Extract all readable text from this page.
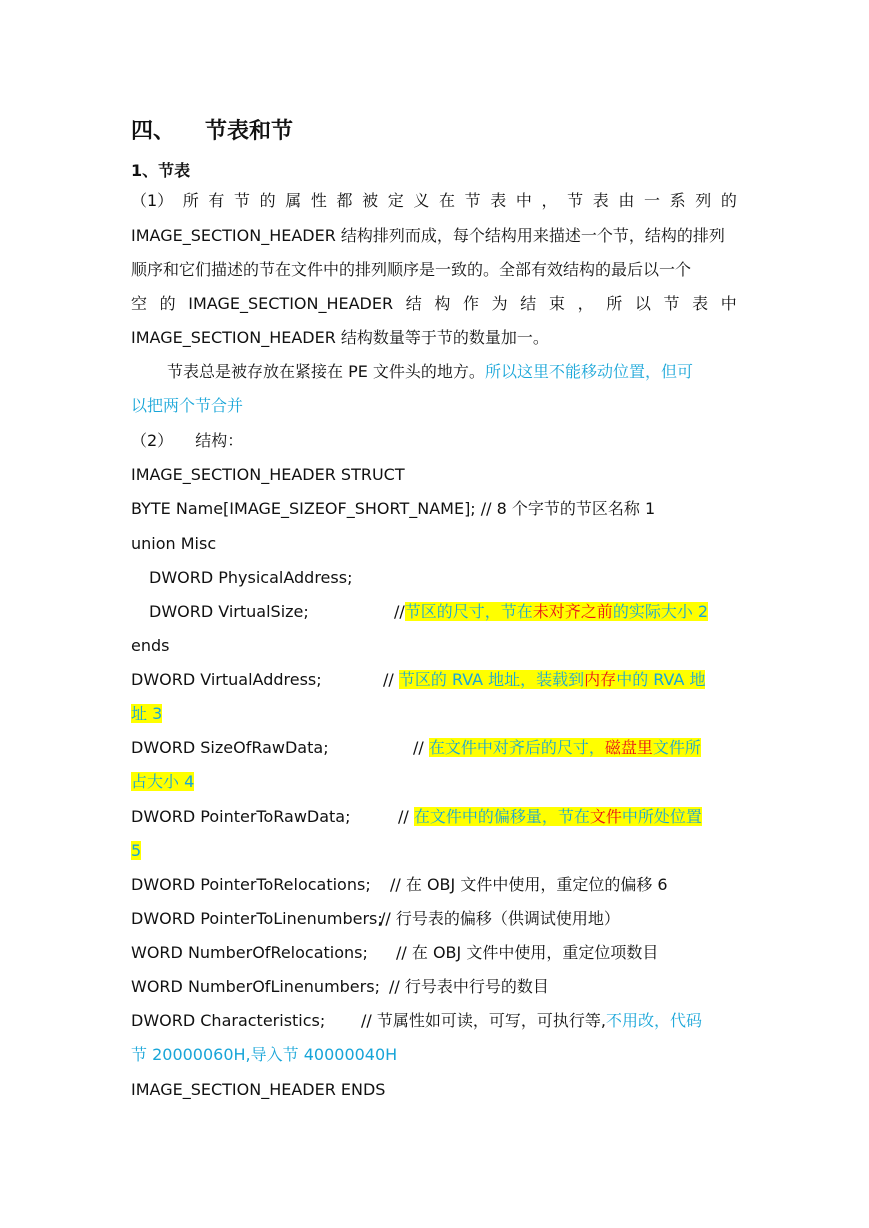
四、 节表和节
1、节表
（1） 所 有 节 的 属 性 都 被 定 义 在 节 表 中 ， 节 表 由 一 系 列 的
IMAGE_SECTION_HEADER 结构排列而成，每个结构用来描述一个节，结构的排列
顺序和它们描述的节在文件中的排列顺序是一致的。全部有效结构的最后以一个
空 的 IMAGE_SECTION_HEADER 结 构 作 为 结 束 ， 所 以 节 表 中
IMAGE_SECTION_HEADER 结构数量等于节的数量加一。
节表总是被存放在紧接在 PE 文件头的地方。所以这里不能移动位置，但可
以把两个节合并
（2） 结构：
IMAGE_SECTION_HEADER STRUCT
BYTE Name[IMAGE_SIZEOF_SHORT_NAME]; // 8 个字节的节区名称 1
union Misc
DWORD PhysicalAddress;
DWORD VirtualSize;	//节区的尺寸，节在未对齐之前的实际大小 2
ends
DWORD VirtualAddress;	// 节区的 RVA 地址，装载到内存中的 RVA 地
址 3
DWORD SizeOfRawData;	// 在文件中对齐后的尺寸，磁盘里文件所
占大小 4
DWORD PointerToRawData;	// 在文件中的偏移量，节在文件中所处位置
5
DWORD PointerToRelocations; // 在 OBJ 文件中使用，重定位的偏移 6
DWORD PointerToLinenumbers;
// 行号表的偏移（供调试使用地）
WORD NumberOfRelocations; // 在 OBJ 文件中使用，重定位项数目
WORD NumberOfLinenumbers; // 行号表中行号的数目
DWORD Characteristics; // 节属性如可读，可写，可执行等,不用改，代码
节 20000060H,导入节 40000040H
IMAGE_SECTION_HEADER ENDS
